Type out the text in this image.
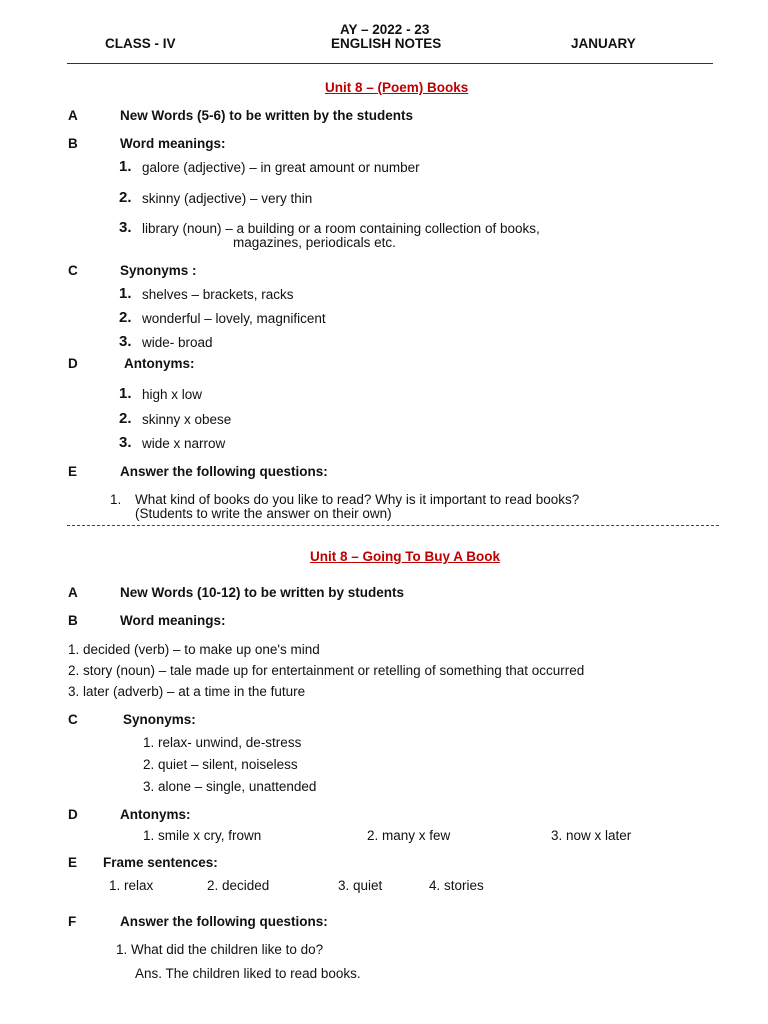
AY – 2022 - 23
CLASS - IV	ENGLISH NOTES	JANUARY
Unit 8 – (Poem) Books
A	New Words (5-6) to be written by the students
B	Word meanings:
1. galore (adjective) – in great amount or number
2. skinny (adjective) – very thin
3. library (noun) – a building or a room containing collection of books,
magazines, periodicals etc.
C	Synonyms :
1. shelves – brackets, racks
2. wonderful – lovely, magnificent
3. wide- broad
D	Antonyms:
1. high x low
2. skinny x obese
3. wide x narrow
E	Answer the following questions:
1. What kind of books do you like to read? Why is it important to read books?
(Students to write the answer on their own)
Unit 8 – Going To Buy A Book
A	New Words (10-12) to be written by students
B	Word meanings:
1. decided (verb) – to make up one's mind
2. story (noun) – tale made up for entertainment or retelling of something that occurred
3. later (adverb) – at a time in the future
C	Synonyms:
1. relax- unwind, de-stress
2. quiet – silent, noiseless
3. alone – single, unattended
D	Antonyms:
1. smile x cry, frown	2. many x few	3. now x later
E Frame sentences:
1. relax	2. decided	3. quiet	4. stories
F	Answer the following questions:
1. What did the children like to do?
Ans. The children liked to read books.
